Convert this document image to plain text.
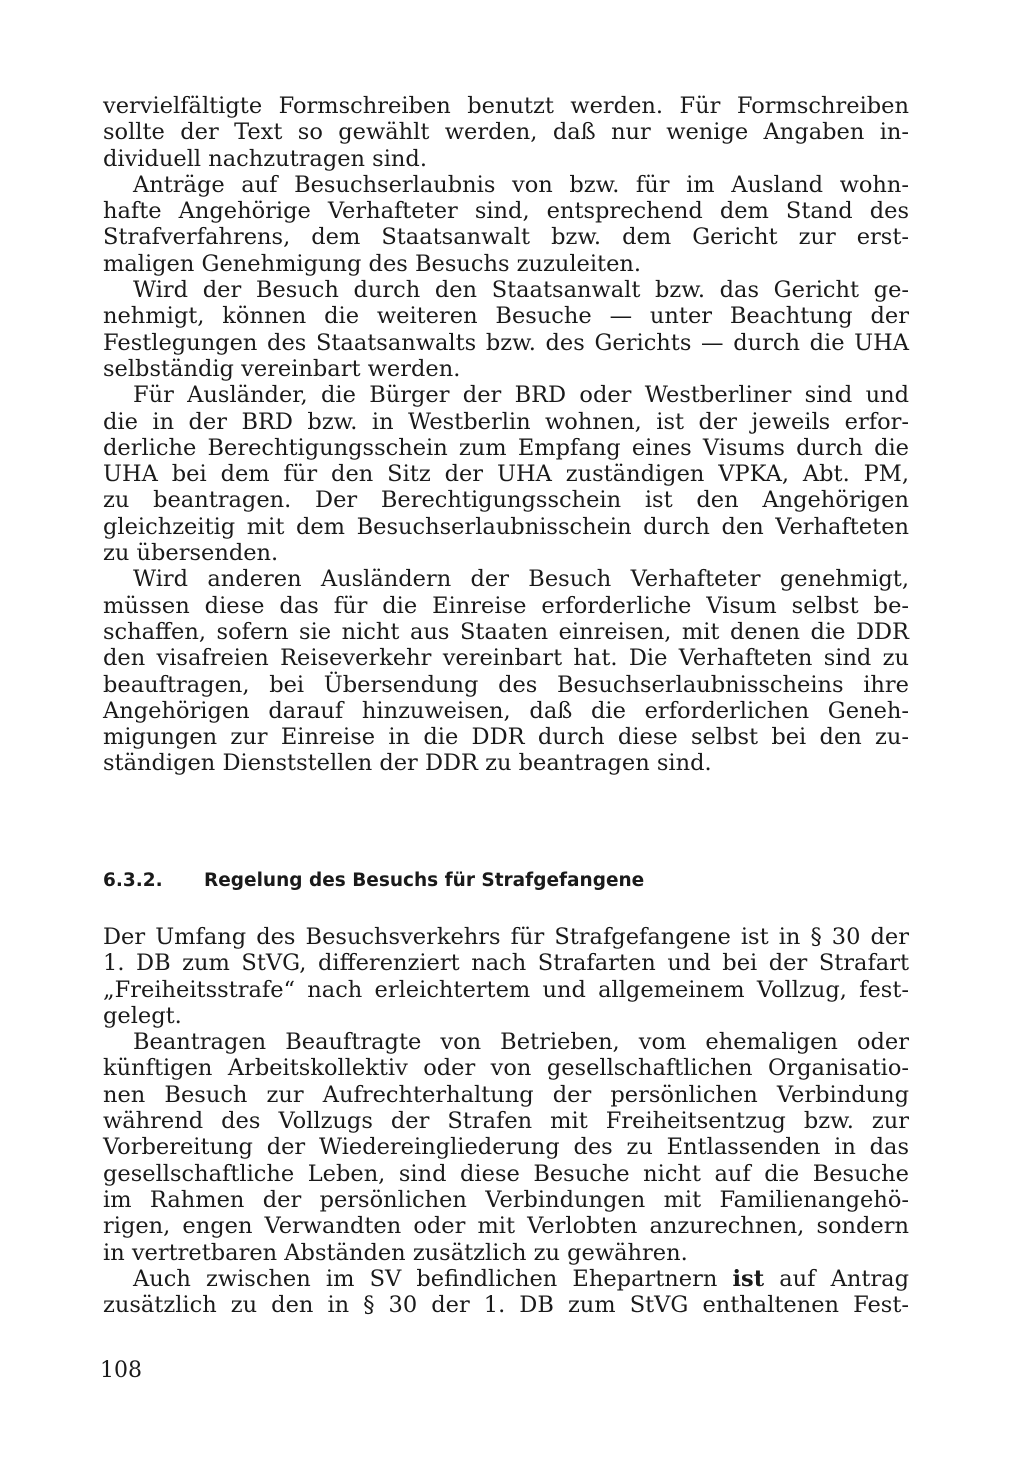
vervielfältigte Formschreiben benutzt werden. Für Formschreiben
sollte der Text so gewählt werden, daß nur wenige Angaben in-
dividuell nachzutragen sind.
Anträge auf Besuchserlaubnis von bzw. für im Ausland wohn-
hafte Angehörige Verhafteter sind, entsprechend dem Stand des
Strafverfahrens, dem Staatsanwalt bzw. dem Gericht zur erst-
maligen Genehmigung des Besuchs zuzuleiten.
Wird der Besuch durch den Staatsanwalt bzw. das Gericht ge-
nehmigt, können die weiteren Besuche — unter Beachtung der
Festlegungen des Staatsanwalts bzw. des Gerichts — durch die UHA
selbständig vereinbart werden.
Für Ausländer, die Bürger der BRD oder Westberliner sind und
die in der BRD bzw. in Westberlin wohnen, ist der jeweils erfor-
derliche Berechtigungsschein zum Empfang eines Visums durch die
UHA bei dem für den Sitz der UHA zuständigen VPKA, Abt. PM,
zu beantragen. Der Berechtigungsschein ist den Angehörigen
gleichzeitig mit dem Besuchserlaubnisschein durch den Verhafteten
zu übersenden.
Wird anderen Ausländern der Besuch Verhafteter genehmigt,
müssen diese das für die Einreise erforderliche Visum selbst be-
schaffen, sofern sie nicht aus Staaten einreisen, mit denen die DDR
den visafreien Reiseverkehr vereinbart hat. Die Verhafteten sind zu
beauftragen, bei Übersendung des Besuchserlaubnisscheins ihre
Angehörigen darauf hinzuweisen, daß die erforderlichen Geneh-
migungen zur Einreise in die DDR durch diese selbst bei den zu-
ständigen Dienststellen der DDR zu beantragen sind.
6.3.2. Regelung des Besuchs für Strafgefangene
Der Umfang des Besuchsverkehrs für Strafgefangene ist in § 30 der
1. DB zum StVG, differenziert nach Strafarten und bei der Strafart
„Freiheitsstrafe“ nach erleichtertem und allgemeinem Vollzug, fest-
gelegt.
Beantragen Beauftragte von Betrieben, vom ehemaligen oder
künftigen Arbeitskollektiv oder von gesellschaftlichen Organisatio-
nen Besuch zur Aufrechterhaltung der persönlichen Verbindung
während des Vollzugs der Strafen mit Freiheitsentzug bzw. zur
Vorbereitung der Wiedereingliederung des zu Entlassenden in das
gesellschaftliche Leben, sind diese Besuche nicht auf die Besuche
im Rahmen der persönlichen Verbindungen mit Familienangehö-
rigen, engen Verwandten oder mit Verlobten anzurechnen, sondern
in vertretbaren Abständen zusätzlich zu gewähren.
Auch zwischen im SV befindlichen Ehepartnern ist auf Antrag
zusätzlich zu den in § 30 der 1. DB zum StVG enthaltenen Fest-
108
